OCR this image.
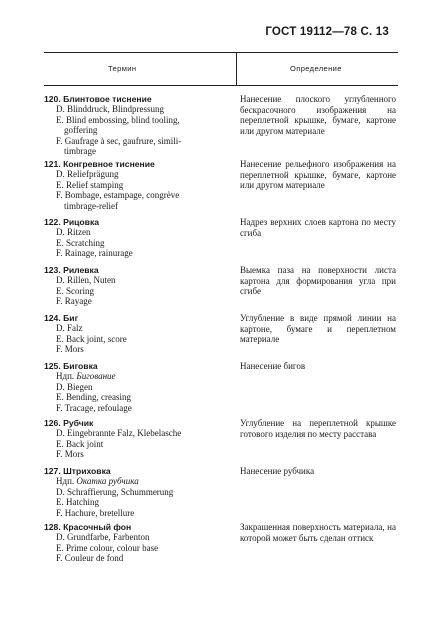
ГОСТ 19112—78 С. 13
Термин	Определение
120. Блинтовое тиснение
D. Blinddruck, Blindpressung
E. Blind embossing, blind tooling,
goffering
F. Gaufrage à sec, gaufrure, simili-
timbrage
Нанесение плоского углубленного бескрасочного изображения на переплетной крышке, бумаге, картоне или другом материале
121. Конгревное тиснение
D. Reliefprägung
E. Relief stamping
F. Bombage, estampage, congrève
timbrage-relief
Нанесение рельефного изображения на переплетной крышке, бумаге, картоне или другом материале
122. Рицовка
D. Ritzen
E. Scratching
F. Rainage, rainurage
Надрез верхних слоев картона по месту сгиба
123. Рилевка
D. Rillen, Nuten
E. Scoring
F. Rayage
Выемка паза на поверхности листа картона для формирования угла при сгибе
124. Биг
D. Falz
E. Back joint, score
F. Mors
Углубление в виде прямой линии на картоне, бумаге и переплетном материале
125. Биговка
Ндп. Бигование
D. Biegen
E. Bending, creasing
F. Tracage, refoulage
Нанесение бигов
126. Рубчик
D. Eingebrannte Falz, Klebelasche
E. Back joint
F. Mors
Углубление на переплетной крышке готового изделия по месту расстава
127. Штриховка
Ндп. Окатка рубчика
D. Schraffierung, Schummerung
E. Hatching
F. Hachure, bretellure
Нанесение рубчика
128. Красочный фон
D. Grundfarbe, Farbenton
E. Prime colour, colour base
F. Couleur de fond
Закрашенная поверхность материала, на которой может быть сделан оттиск
